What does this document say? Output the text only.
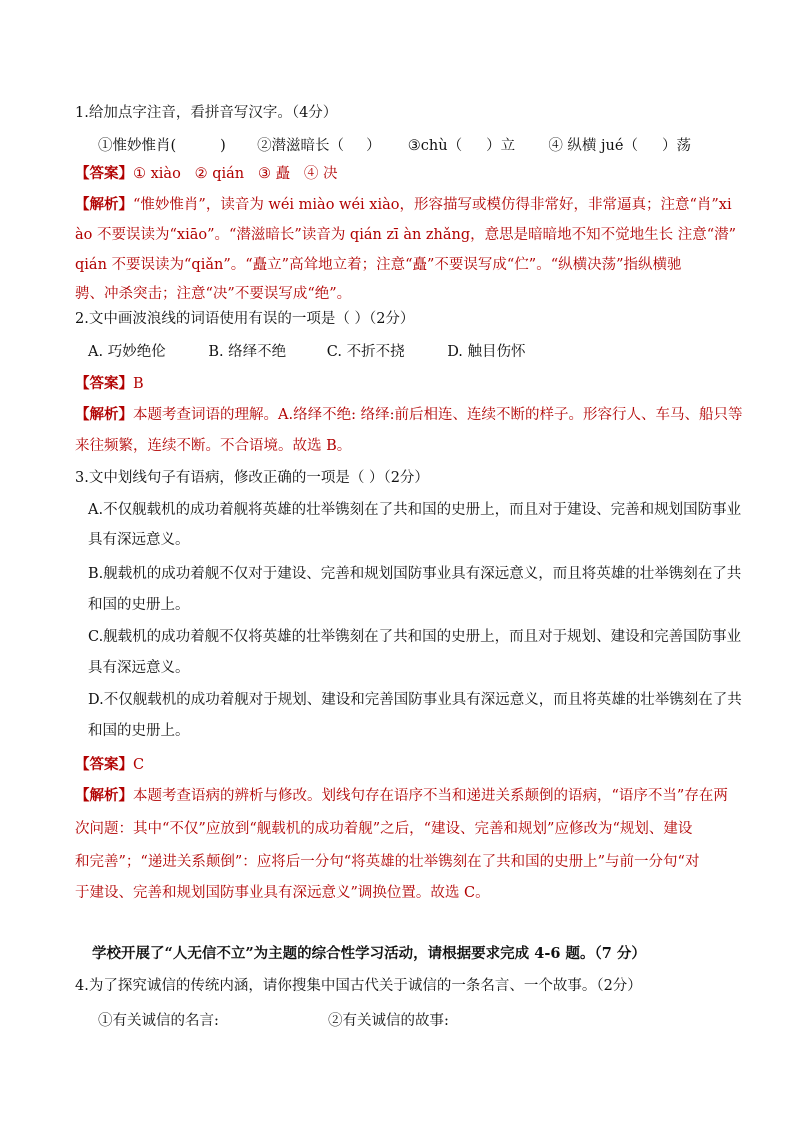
1.给加点字注音，看拼音写汉字。（4分）
①惟妙惟肖(	) ②潜滋暗长（ ） ③chù（ ）立 ④ 纵横 jué（ ）荡
【答案】① xiào   ② qián   ③ 矗   ④ 决
【解析】“惟妙惟肖”，读音为 wéi miào wéi xiào，形容描写或模仿得非常好，非常逼真；注意“肖”xi
ào 不要误读为“xiāo”。“潜滋暗长”读音为 qián zī àn zhǎng，意思是暗暗地不知不觉地生长 注意“潜”
qián 不要误读为“qiǎn”。“矗立”高耸地立着；注意“矗”不要误写成“伫”。“纵横决荡”指纵横驰
骋、冲杀突击；注意“决”不要误写成“绝”。
2.文中画波浪线的词语使用有误的一项是（ ）（2分）
A. 巧妙绝伦	B. 络绎不绝	C. 不折不挠	D. 触目伤怀
【答案】B
【解析】本题考查词语的理解。A.络绎不绝: 络绎:前后相连、连续不断的样子。形容行人、车马、船只等
来往频繁，连续不断。不合语境。故选 B。
3.文中划线句子有语病，修改正确的一项是（ ）（2分）
A.不仅舰载机的成功着舰将英雄的壮举镌刻在了共和国的史册上，而且对于建设、完善和规划国防事业
具有深远意义。
B.舰载机的成功着舰不仅对于建设、完善和规划国防事业具有深远意义，而且将英雄的壮举镌刻在了共
和国的史册上。
C.舰载机的成功着舰不仅将英雄的壮举镌刻在了共和国的史册上，而且对于规划、建设和完善国防事业
具有深远意义。
D.不仅舰载机的成功着舰对于规划、建设和完善国防事业具有深远意义，而且将英雄的壮举镌刻在了共
和国的史册上。
【答案】C
【解析】本题考查语病的辨析与修改。划线句存在语序不当和递进关系颠倒的语病，“语序不当”存在两
次问题：其中“不仅”应放到“舰载机的成功着舰”之后，“建设、完善和规划”应修改为“规划、建设
和完善”；“递进关系颠倒”：应将后一分句“将英雄的壮举镌刻在了共和国的史册上”与前一分句“对
于建设、完善和规划国防事业具有深远意义”调换位置。故选 C。
学校开展了“人无信不立”为主题的综合性学习活动，请根据要求完成 4-6 题。（7 分）
4.为了探究诚信的传统内涵，请你搜集中国古代关于诚信的一条名言、一个故事。（2分）
①有关诚信的名言:	②有关诚信的故事:
